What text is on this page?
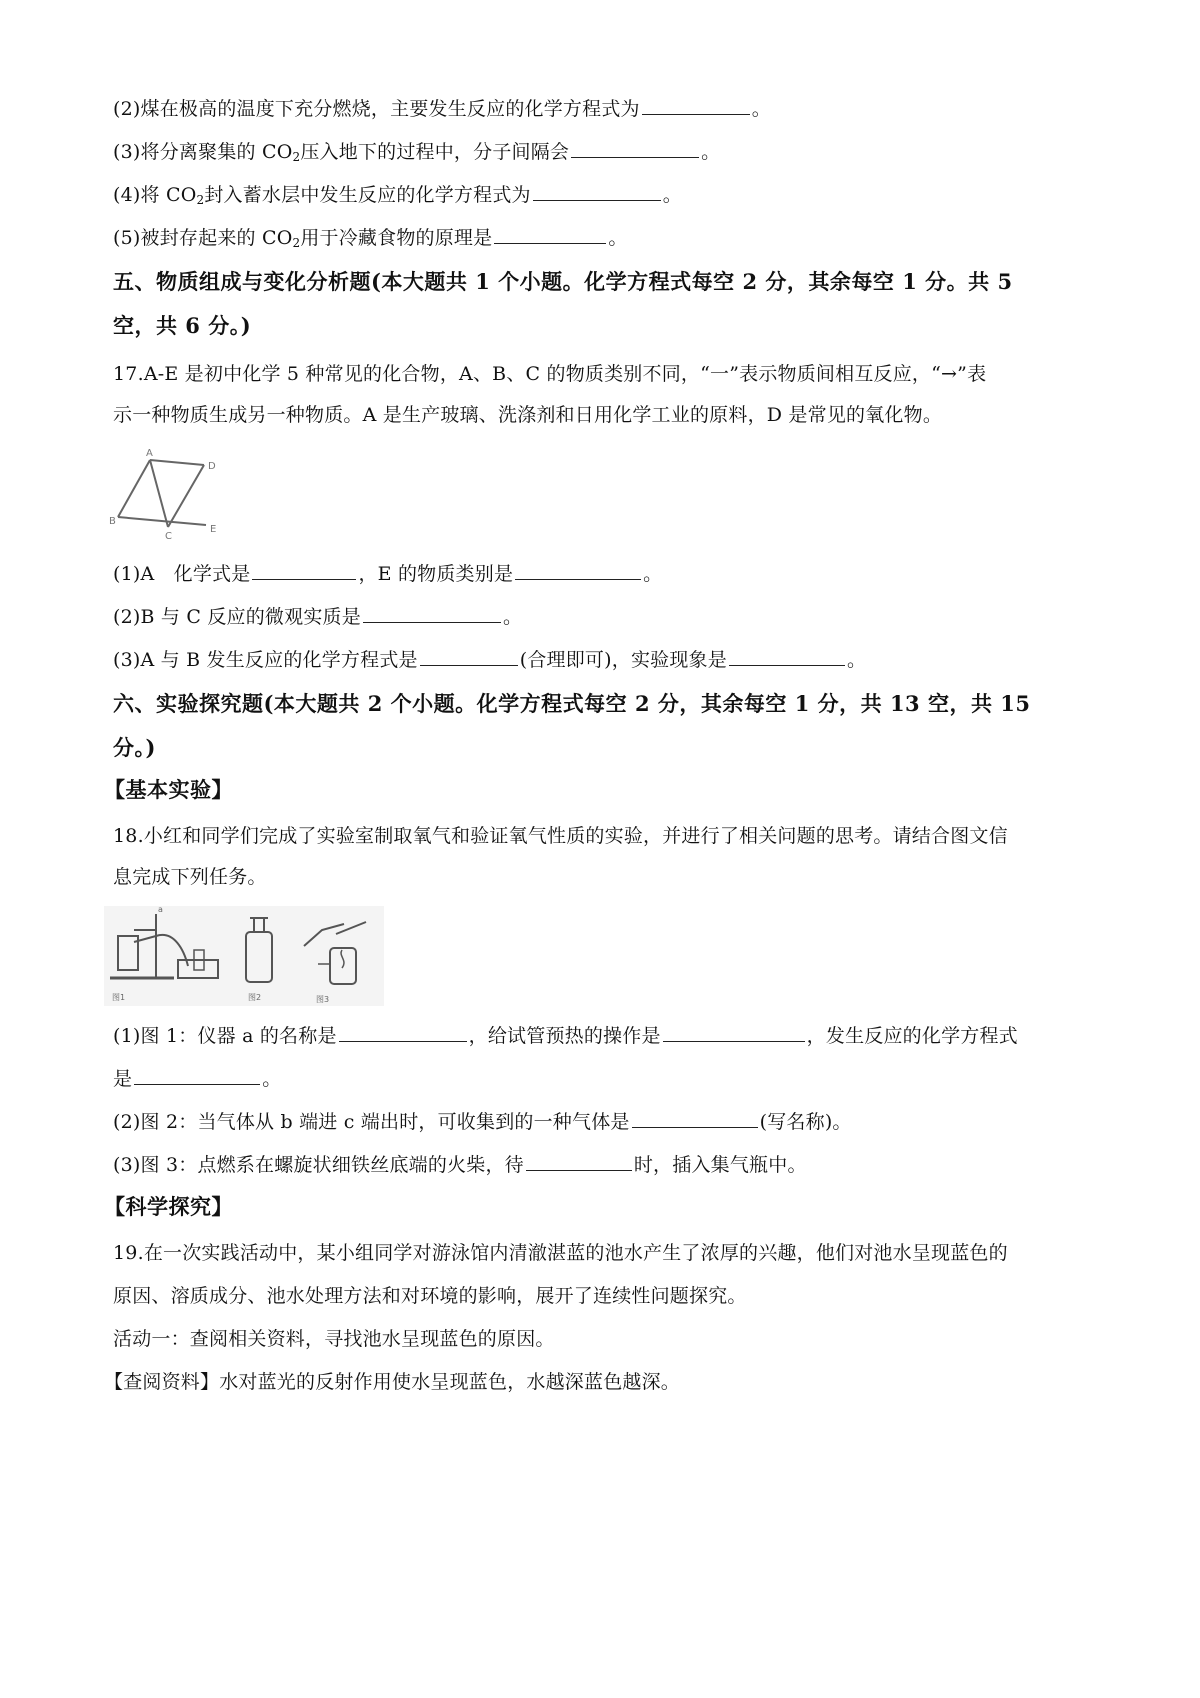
(2)煤在极高的温度下充分燃烧，主要发生反应的化学方程式为	。
(3)将分离聚集的 $CO_2$压入地下的过程中，分子间隔会	。
(4)将 $CO_2$封入蓄水层中发生反应的化学方程式为	。
(5)被封存起来的 $CO_2$用于冷藏食物的原理是	。
五、物质组成与变化分析题(本大题共 1 个小题。化学方程式每空 2 分，其余每空 1 分。共 5
空，共 6 分。)
17.A-E 是初中化学 5 种常见的化合物，A、B、C 的物质类别不同，“一”表示物质间相互反应，“→”表
示一种物质生成另一种物质。A 是生产玻璃、洗涤剂和日用化学工业的原料，D 是常见的氧化物。
A
B
C
D
E
(1)A　化学式是	，E 的物质类别是	。
(2)B 与 C 反应的微观实质是	。
(3)A 与 B 发生反应的化学方程式是	(合理即可)，实验现象是	。
六、实验探究题(本大题共 2 个小题。化学方程式每空 2 分，其余每空 1 分，共 13 空，共 15
分。)
【基本实验】
18.小红和同学们完成了实验室制取氧气和验证氧气性质的实验，并进行了相关问题的思考。请结合图文信
息完成下列任务。
a
图2	图3
图1
(1)图 1：仪器 a 的名称是	，给试管预热的操作是	，发生反应的化学方程式
是	。
(2)图 2：当气体从 b 端进 c 端出时，可收集到的一种气体是	(写名称)。
(3)图 3：点燃系在螺旋状细铁丝底端的火柴，待	时，插入集气瓶中。
【科学探究】
19.在一次实践活动中，某小组同学对游泳馆内清澈湛蓝的池水产生了浓厚的兴趣，他们对池水呈现蓝色的
原因、溶质成分、池水处理方法和对环境的影响，展开了连续性问题探究。
活动一：查阅相关资料，寻找池水呈现蓝色的原因。
【查阅资料】水对蓝光的反射作用使水呈现蓝色，水越深蓝色越深。
